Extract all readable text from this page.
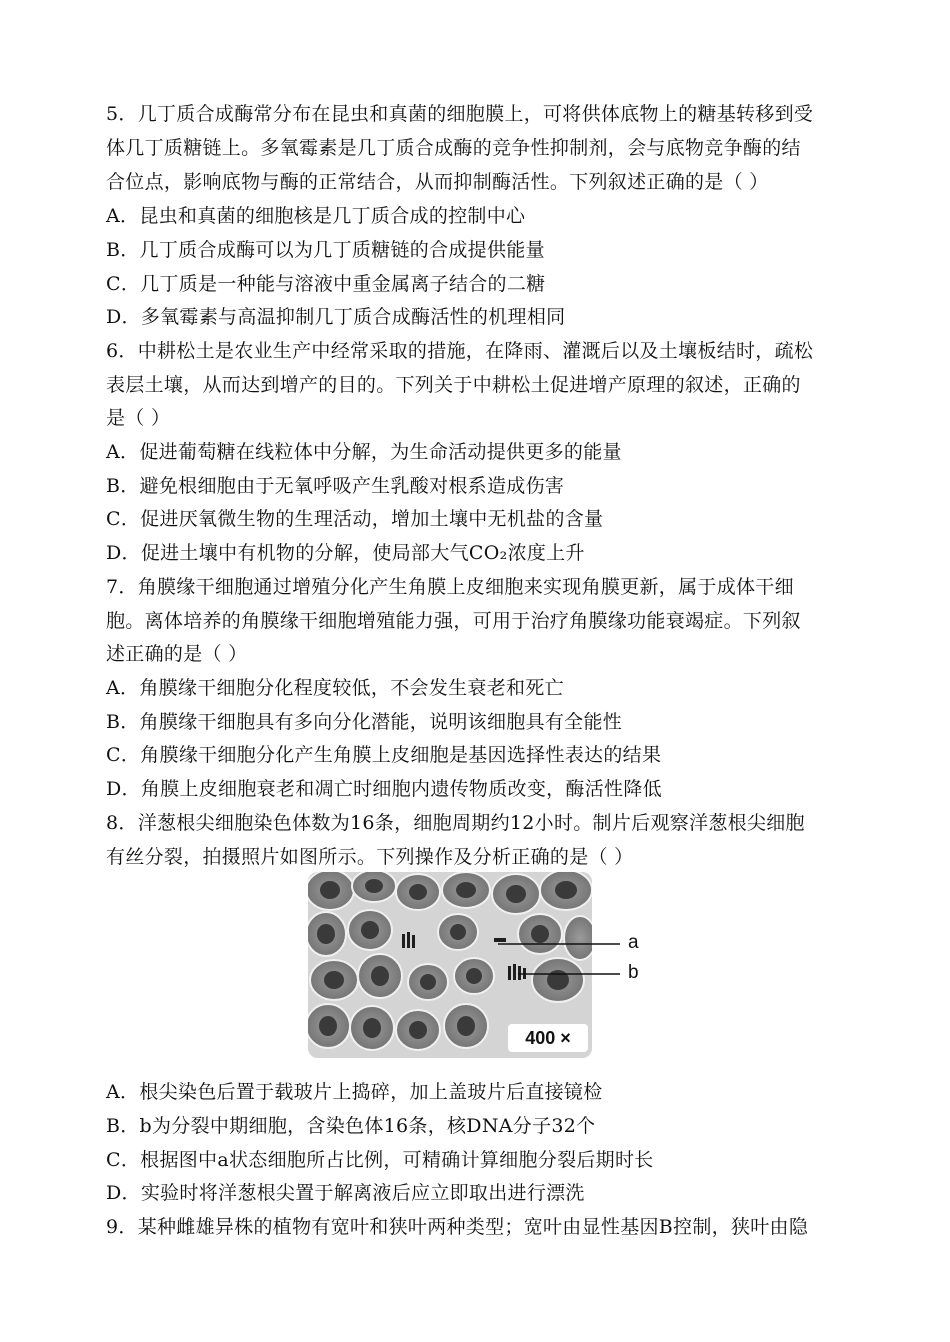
5．几丁质合成酶常分布在昆虫和真菌的细胞膜上，可将供体底物上的糖基转移到受
体几丁质糖链上。多氧霉素是几丁质合成酶的竞争性抑制剂，会与底物竞争酶的结
合位点，影响底物与酶的正常结合，从而抑制酶活性。下列叙述正确的是（ ）
A．昆虫和真菌的细胞核是几丁质合成的控制中心
B．几丁质合成酶可以为几丁质糖链的合成提供能量
C．几丁质是一种能与溶液中重金属离子结合的二糖
D．多氧霉素与高温抑制几丁质合成酶活性的机理相同
6．中耕松土是农业生产中经常采取的措施，在降雨、灌溉后以及土壤板结时，疏松
表层土壤，从而达到增产的目的。下列关于中耕松土促进增产原理的叙述，正确的
是（ ）
A．促进葡萄糖在线粒体中分解，为生命活动提供更多的能量
B．避免根细胞由于无氧呼吸产生乳酸对根系造成伤害
C．促进厌氧微生物的生理活动，增加土壤中无机盐的含量
D．促进土壤中有机物的分解，使局部大气CO₂浓度上升
7．角膜缘干细胞通过增殖分化产生角膜上皮细胞来实现角膜更新，属于成体干细
胞。离体培养的角膜缘干细胞增殖能力强，可用于治疗角膜缘功能衰竭症。下列叙
述正确的是（ ）
A．角膜缘干细胞分化程度较低，不会发生衰老和死亡
B．角膜缘干细胞具有多向分化潜能，说明该细胞具有全能性
C．角膜缘干细胞分化产生角膜上皮细胞是基因选择性表达的结果
D．角膜上皮细胞衰老和凋亡时细胞内遗传物质改变，酶活性降低
8．洋葱根尖细胞染色体数为16条，细胞周期约12小时。制片后观察洋葱根尖细胞
有丝分裂，拍摄照片如图所示。下列操作及分析正确的是（ ）
400 ×
a
b
A．根尖染色后置于载玻片上捣碎，加上盖玻片后直接镜检
B．b为分裂中期细胞，含染色体16条，核DNA分子32个
C．根据图中a状态细胞所占比例，可精确计算细胞分裂后期时长
D．实验时将洋葱根尖置于解离液后应立即取出进行漂洗
9．某种雌雄异株的植物有宽叶和狭叶两种类型；宽叶由显性基因B控制，狭叶由隐
